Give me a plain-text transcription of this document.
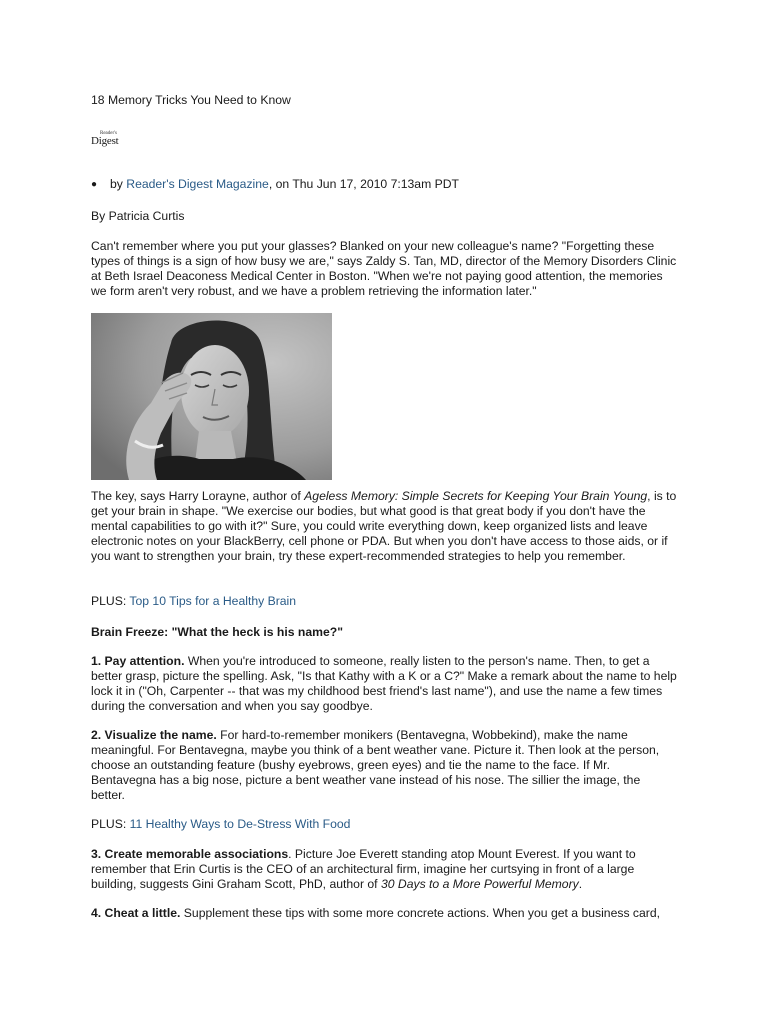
18 Memory Tricks You Need to Know
Reader's
Digest
● by Reader's Digest Magazine, on Thu Jun 17, 2010 7:13am PDT
By Patricia Curtis

Can't remember where you put your glasses? Blanked on your new colleague's name? "Forgetting these types of things is a sign of how busy we are," says Zaldy S. Tan, MD, director of the Memory Disorders Clinic at Beth Israel Deaconess Medical Center in Boston. "When we're not paying good attention, the memories we form aren't very robust, and we have a problem retrieving the information later."

The key, says Harry Lorayne, author of Ageless Memory: Simple Secrets for Keeping Your Brain Young, is to get your brain in shape. "We exercise our bodies, but what good is that great body if you don't have the mental capabilities to go with it?" Sure, you could write everything down, keep organized lists and leave electronic notes on your BlackBerry, cell phone or PDA. But when you don't have access to those aids, or if you want to strengthen your brain, try these expert-recommended strategies to help you remember.

PLUS: Top 10 Tips for a Healthy Brain
Brain Freeze: "What the heck is his name?"

1. Pay attention. When you're introduced to someone, really listen to the person's name. Then, to get a better grasp, picture the spelling. Ask, "Is that Kathy with a K or a C?" Make a remark about the name to help lock it in ("Oh, Carpenter -- that was my childhood best friend's last name"), and use the name a few times during the conversation and when you say goodbye.

2. Visualize the name. For hard-to-remember monikers (Bentavegna, Wobbekind), make the name meaningful. For Bentavegna, maybe you think of a bent weather vane. Picture it. Then look at the person, choose an outstanding feature (bushy eyebrows, green eyes) and tie the name to the face. If Mr. Bentavegna has a big nose, picture a bent weather vane instead of his nose. The sillier the image, the better.

PLUS: 11 Healthy Ways to De-Stress With Food

3. Create memorable associations. Picture Joe Everett standing atop Mount Everest. If you want to remember that Erin Curtis is the CEO of an architectural firm, imagine her curtsying in front of a large building, suggests Gini Graham Scott, PhD, author of 30 Days to a More Powerful Memory.

4. Cheat a little. Supplement these tips with some more concrete actions. When you get a business card,
